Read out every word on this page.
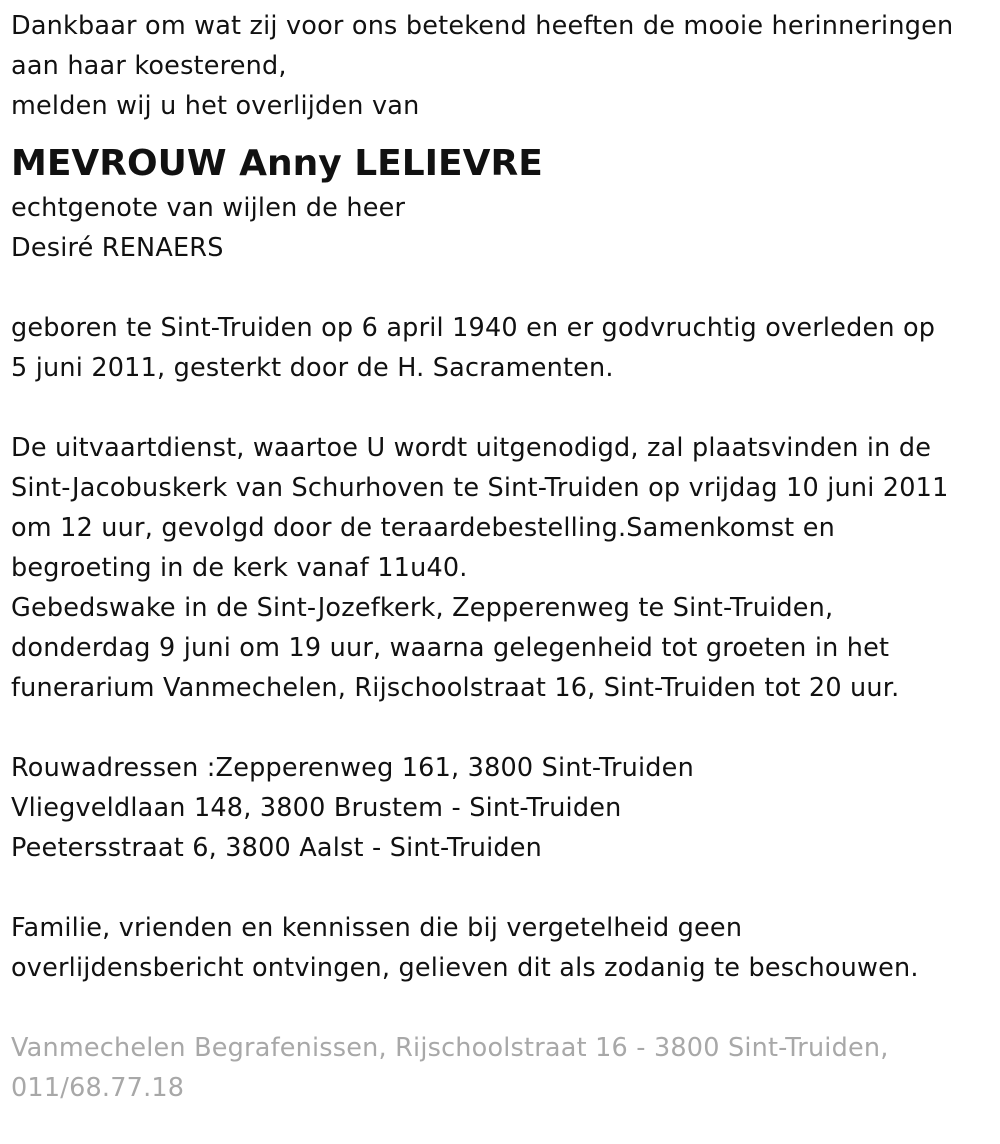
Dankbaar om wat zij voor ons betekend heeften de mooie herinneringen
aan haar koesterend,
melden wij u het overlijden van
MEVROUW Anny LELIEVRE
echtgenote van wijlen de heer
Desiré RENAERS
geboren te Sint-Truiden op 6 april 1940 en er godvruchtig overleden op
5 juni 2011, gesterkt door de H. Sacramenten.
De uitvaartdienst, waartoe U wordt uitgenodigd, zal plaatsvinden in de
Sint-Jacobuskerk van Schurhoven te Sint-Truiden op vrijdag 10 juni 2011
om 12 uur, gevolgd door de teraardebestelling.Samenkomst en
begroeting in de kerk vanaf 11u40.
Gebedswake in de Sint-Jozefkerk, Zepperenweg te Sint-Truiden,
donderdag 9 juni om 19 uur, waarna gelegenheid tot groeten in het
funerarium Vanmechelen, Rijschoolstraat 16, Sint-Truiden tot 20 uur.
Rouwadressen :Zepperenweg 161, 3800 Sint-Truiden
Vliegveldlaan 148, 3800 Brustem - Sint-Truiden
Peetersstraat 6, 3800 Aalst - Sint-Truiden
Familie, vrienden en kennissen die bij vergetelheid geen
overlijdensbericht ontvingen, gelieven dit als zodanig te beschouwen.
Vanmechelen Begrafenissen, Rijschoolstraat 16 - 3800 Sint-Truiden,
011/68.77.18
